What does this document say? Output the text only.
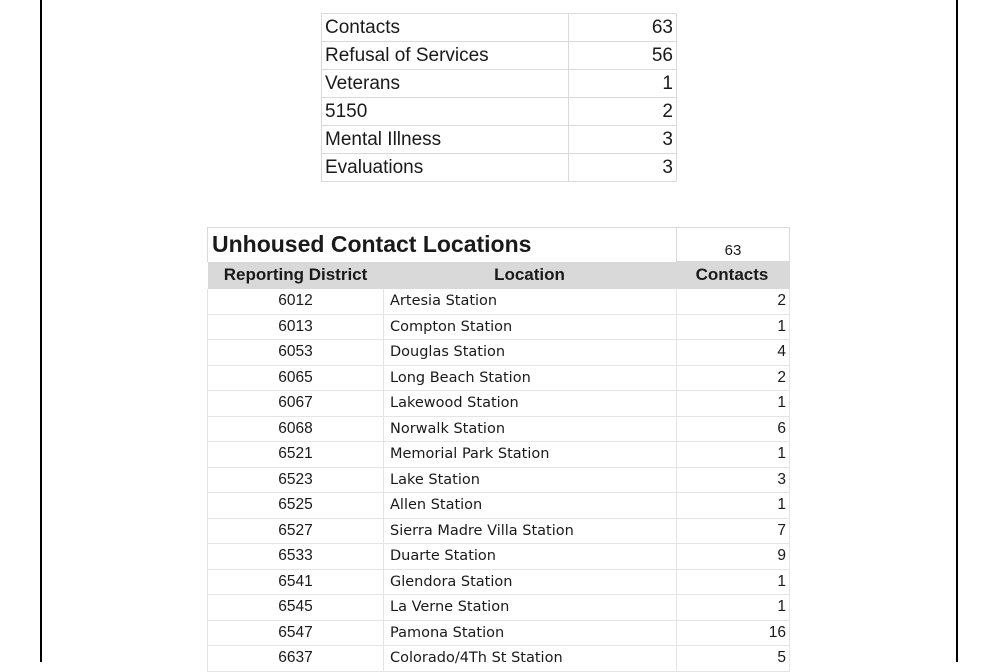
Contacts	63
Refusal of Services	56
Veterans	1
5150	2
Mental Illness	3
Evaluations	3
Unhoused Contact Locations		63
Reporting District	Location	Contacts
6012	Artesia Station	2
6013	Compton Station	1
6053	Douglas Station	4
6065	Long Beach Station	2
6067	Lakewood Station	1
6068	Norwalk Station	6
6521	Memorial Park Station	1
6523	Lake Station	3
6525	Allen Station	1
6527	Sierra Madre Villa Station	7
6533	Duarte Station	9
6541	Glendora Station	1
6545	La Verne Station	1
6547	Pamona Station	16
6637	Colorado/4Th St Station	5
